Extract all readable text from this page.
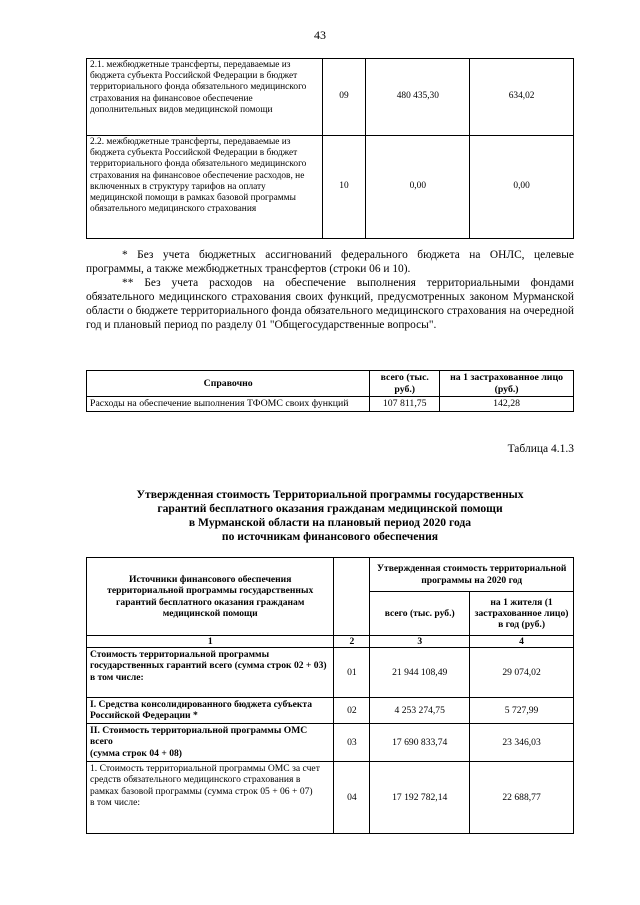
43
2.1. межбюджетные трансферты, передаваемые из бюджета субъекта Российской Федерации в бюджет территориального фонда обязательного медицинского страхования на финансовое обеспечение дополнительных видов медицинской помощи	09	480 435,30	634,02
2.2. межбюджетные трансферты, передаваемые из бюджета субъекта Российской Федерации в бюджет территориального фонда обязательного медицинского страхования на финансовое обеспечение расходов, не включенных в структуру тарифов на оплату медицинской помощи в рамках базовой программы обязательного медицинского страхования	10	0,00	0,00

* Без учета бюджетных ассигнований федерального бюджета на ОНЛС, целевые программы, а также межбюджетных трансфертов (строки 06 и 10).

** Без учета расходов на обеспечение выполнения территориальными фондами обязательного медицинского страхования своих функций, предусмотренных законом Мурманской области о бюджете территориального фонда обязательного медицинского страхования на очередной год и плановый период по разделу 01 "Общегосударственные вопросы".

Справочно	всего (тыс. руб.)	на 1 застрахованное лицо (руб.)
Расходы на обеспечение выполнения ТФОМС своих функций	107 811,75	142,28
Таблица 4.1.3
Утвержденная стоимость Территориальной программы государственных
гарантий бесплатного оказания гражданам медицинской помощи
в Мурманской области на плановый период 2020 года
по источникам финансового обеспечения
Источники финансового обеспечения территориальной программы государственных гарантий бесплатного оказания гражданам медицинской помощи		Утвержденная стоимость территориальной программы на 2020 год	
		всего (тыс. руб.)	на 1 жителя (1 застрахованное лицо) в год (руб.)
1	2	3	4
Стоимость территориальной программы государственных гарантий всего (сумма строк 02 + 03)
в том числе:	01	21 944 108,49	29 074,02
I. Средства консолидированного бюджета субъекта Российской Федерации *	02	4 253 274,75	5 727,99
II. Стоимость территориальной программы ОМС всего
(сумма строк 04 + 08)	03	17 690 833,74	23 346,03
1. Стоимость территориальной программы ОМС за счет средств обязательного медицинского страхования в рамках базовой программы (сумма строк 05 + 06 + 07)
в том числе:	04	17 192 782,14	22 688,77
